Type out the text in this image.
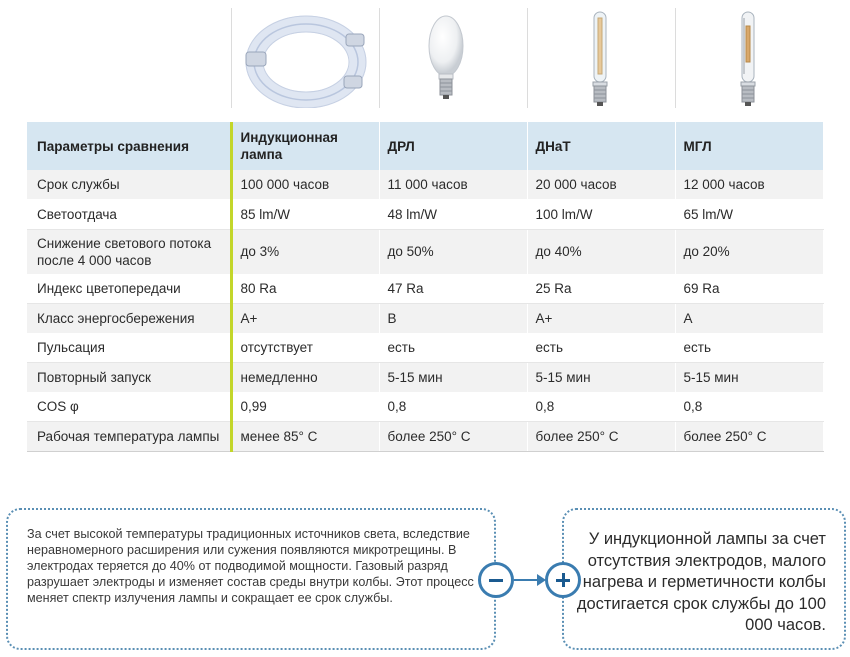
Параметры сравнения	Индукционная лампа	ДРЛ	ДНаТ	МГЛ
Срок службы	100 000 часов	11 000 часов	20 000 часов	12 000 часов
Светоотдача	85 lm/W	48 lm/W	100 lm/W	65 lm/W
Снижение светового потока после 4 000 часов	до 3%	до 50%	до 40%	до 20%
Индекс цветопередачи	80 Ra	47 Ra	25 Ra	69 Ra
Класс энергосбережения	А+	В	А+	А
Пульсация	отсутствует	есть	есть	есть
Повторный запуск	немедленно	5-15 мин	5-15 мин	5-15 мин
COS φ	0,99	0,8	0,8	0,8
Рабочая температура лампы	менее 85° С	более 250° С	более 250° С	более 250° С

За счет высокой температуры традиционных источников света, вследствие неравномерного расширения или сужения появляются микротрещины. В электродах теряется до 40% от подводимой мощности. Газовый разряд разрушает электроды и изменяет состав среды внутри колбы. Этот процесс меняет спектр излучения лампы и сокращает ее срок службы.

У индукционной лампы за счет отсутствия электродов, малого нагрева и герметичности колбы достигается срок службы до 100 000 часов.
